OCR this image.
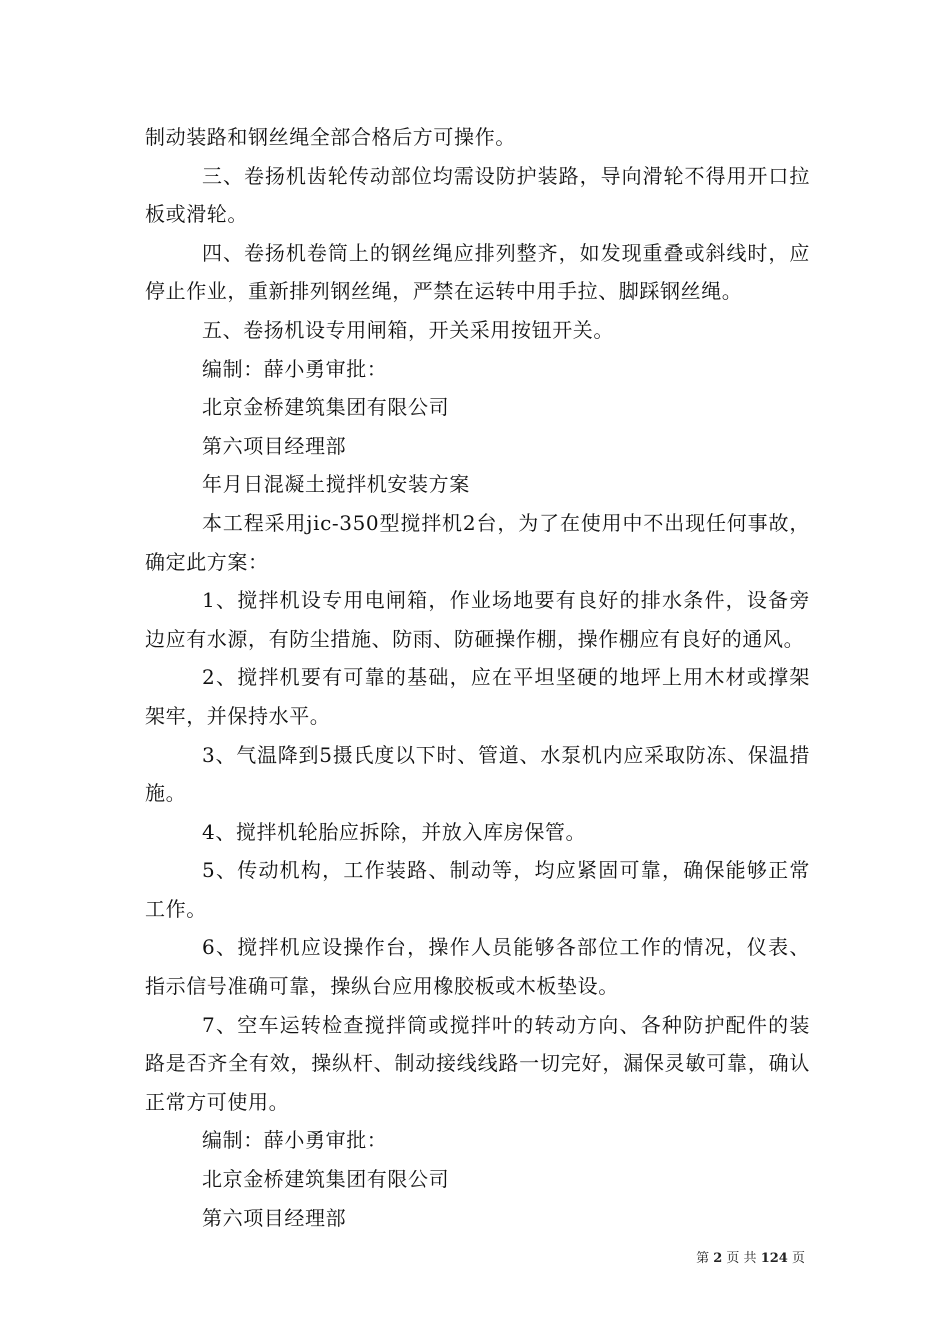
制动装路和钢丝绳全部合格后方可操作。

三、卷扬机齿轮传动部位均需设防护装路，导向滑轮不得用开口拉板或滑轮。

四、卷扬机卷筒上的钢丝绳应排列整齐，如发现重叠或斜线时，应停止作业，重新排列钢丝绳，严禁在运转中用手拉、脚踩钢丝绳。

五、卷扬机设专用闸箱，开关采用按钮开关。

编制：薛小勇审批：

北京金桥建筑集团有限公司

第六项目经理部

年月日混凝土搅拌机安装方案

本工程采用jic-350型搅拌机2台，为了在使用中不出现任何事故，确定此方案：

1、搅拌机设专用电闸箱，作业场地要有良好的排水条件，设备旁边应有水源，有防尘措施、防雨、防砸操作棚，操作棚应有良好的通风。

2、搅拌机要有可靠的基础，应在平坦坚硬的地坪上用木材或撑架架牢，并保持水平。

3、气温降到5摄氏度以下时、管道、水泵机内应采取防冻、保温措施。

4、搅拌机轮胎应拆除，并放入库房保管。

5、传动机构，工作装路、制动等，均应紧固可靠，确保能够正常工作。

6、搅拌机应设操作台，操作人员能够各部位工作的情况，仪表、指示信号准确可靠，操纵台应用橡胶板或木板垫设。

7、空车运转检查搅拌筒或搅拌叶的转动方向、各种防护配件的装路是否齐全有效，操纵杆、制动接线线路一切完好，漏保灵敏可靠，确认正常方可使用。

编制：薛小勇审批：

北京金桥建筑集团有限公司

第六项目经理部

第 2 页 共 124 页
